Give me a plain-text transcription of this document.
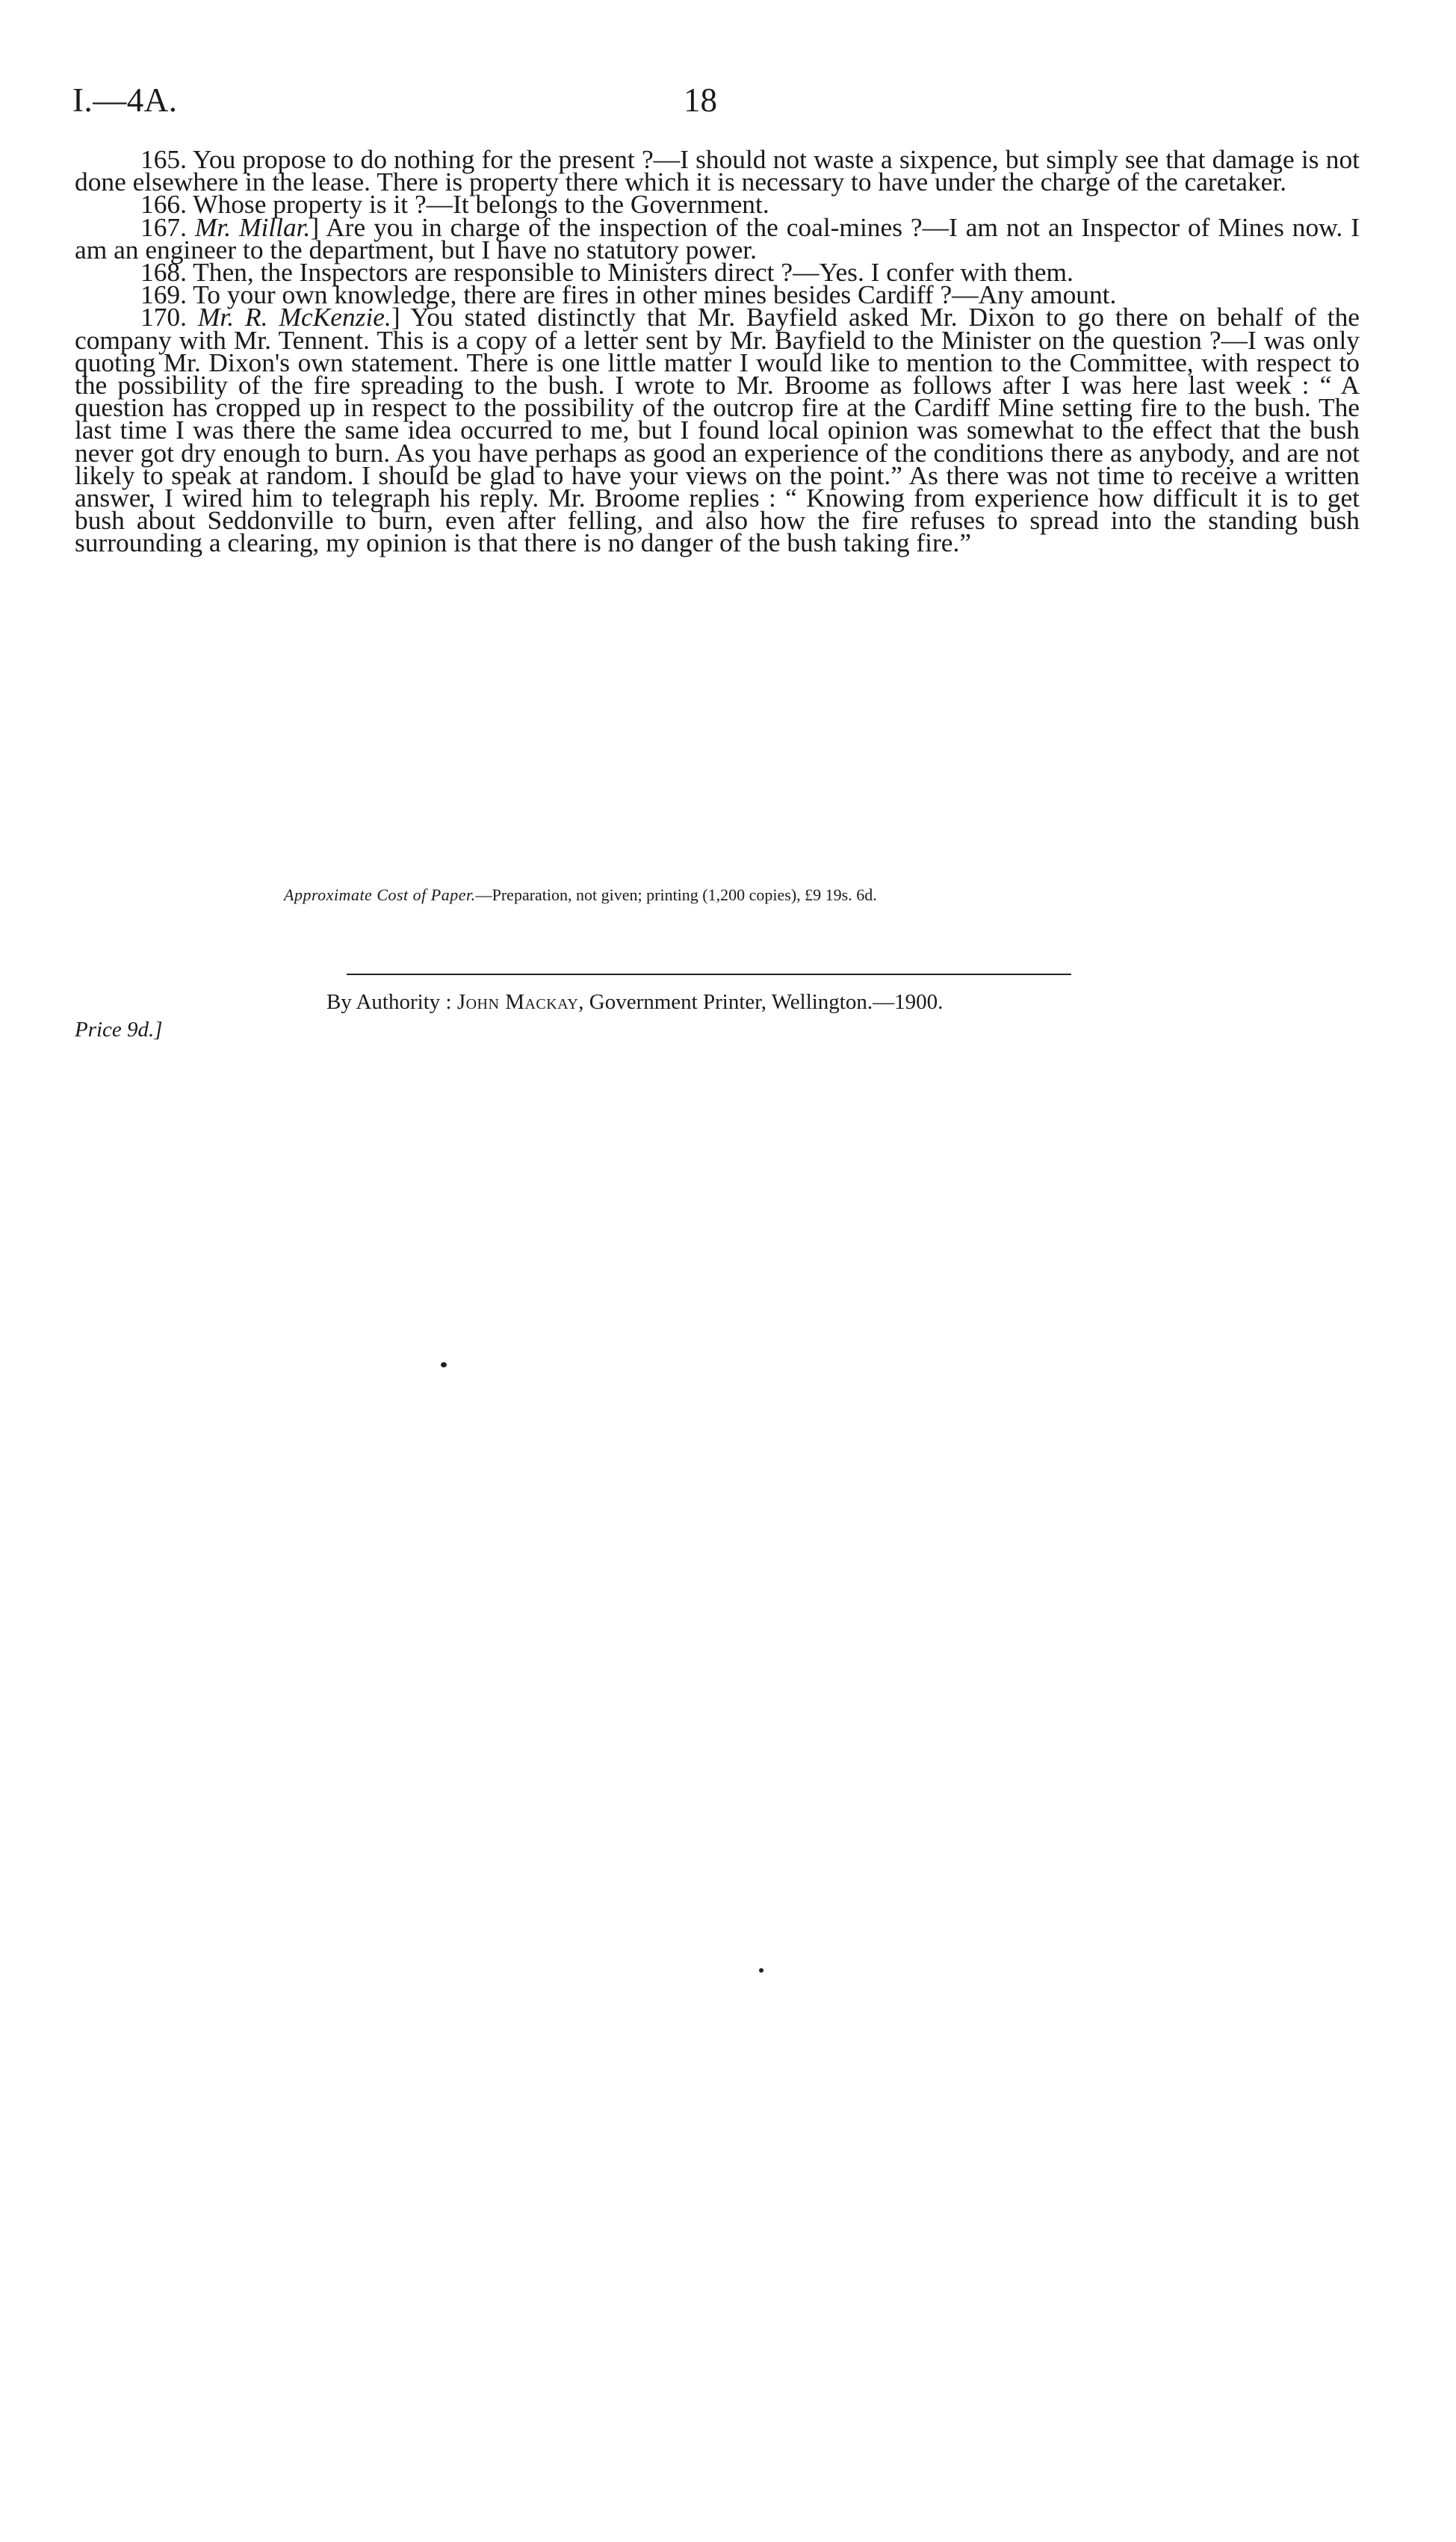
I.—4A.	18

165. You propose to do nothing for the present ?—I should not waste a sixpence, but simply see that damage is not done elsewhere in the lease. There is property there which it is necessary to have under the charge of the caretaker.

166. Whose property is it ?—It belongs to the Government.

167. Mr. Millar.] Are you in charge of the inspection of the coal-mines ?—I am not an Inspector of Mines now. I am an engineer to the department, but I have no statutory power.

168. Then, the Inspectors are responsible to Ministers direct ?—Yes. I confer with them.

169. To your own knowledge, there are fires in other mines besides Cardiff ?—Any amount.

170. Mr. R. McKenzie.] You stated distinctly that Mr. Bayfield asked Mr. Dixon to go there on behalf of the company with Mr. Tennent. This is a copy of a letter sent by Mr. Bayfield to the Minister on the question ?—I was only quoting Mr. Dixon's own statement. There is one little matter I would like to mention to the Committee, with respect to the possibility of the fire spreading to the bush. I wrote to Mr. Broome as follows after I was here last week : “ A question has cropped up in respect to the possibility of the outcrop fire at the Cardiff Mine setting fire to the bush. The last time I was there the same idea occurred to me, but I found local opinion was somewhat to the effect that the bush never got dry enough to burn. As you have perhaps as good an experience of the conditions there as anybody, and are not likely to speak at random. I should be glad to have your views on the point.” As there was not time to receive a written answer, I wired him to telegraph his reply. Mr. Broome replies : “ Knowing from experience how difficult it is to get bush about Seddonville to burn, even after felling, and also how the fire refuses to spread into the standing bush surrounding a clearing, my opinion is that there is no danger of the bush taking fire.”

Approximate Cost of Paper.—Preparation, not given; printing (1,200 copies), £9 19s. 6d.
By Authority : John Mackay, Government Printer, Wellington.—1900.
Price 9d.]
